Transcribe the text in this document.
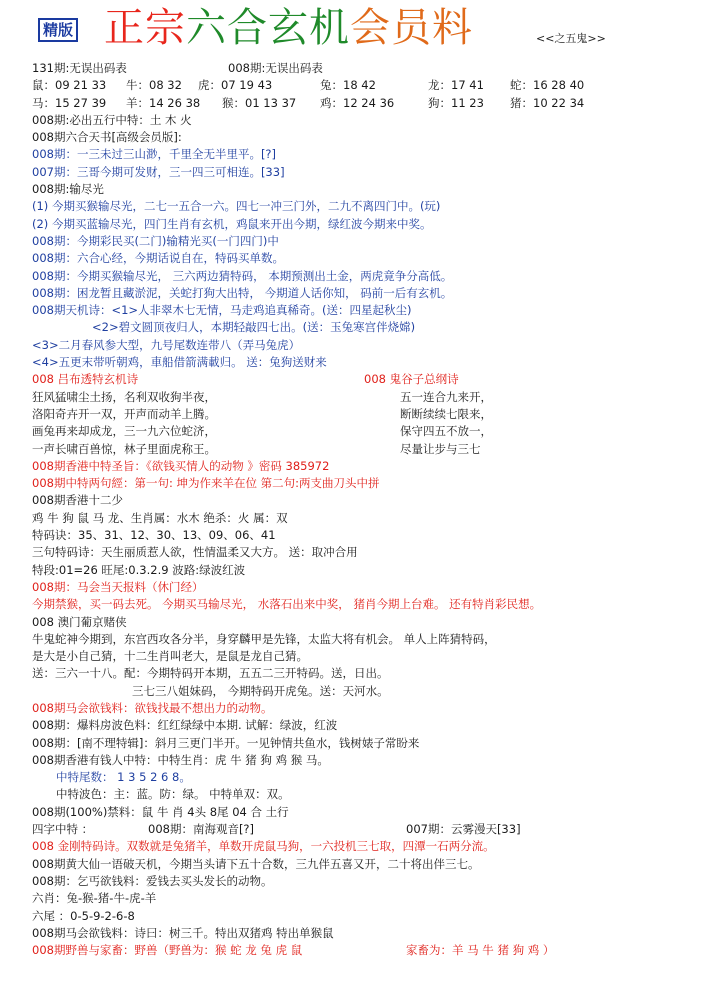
精版 正宗六合玄机会员料	<<之五鬼>>
131期:无误出码表	008期:无误出码表
鼠：09 21 33 牛：08 32 虎：07 19 43	兔：18 42	龙：17 41 蛇：16 28 40
马：15 27 39 羊：14 26 38 猴：01 13 37 鸡：12 24 36	狗：11 23 猪：10 22 34
008期:必出五行中特：土 木 火
008期六合天书[高级会员版]:
008期：一三未过三山渺，千里全无半里平。[?]
007期：三哥今期可发财，三一四三可相连。[33]
008期:输尽光
(1) 今期买猴输尽光，二七一五合一六。四七一冲三门外，二九不离四门中。(玩)
(2) 今期买蓝输尽光，四门生肖有玄机，鸡鼠来开出今期，绿红波今期来中奖。
008期：今期彩民买(二门)输精光买(一门四门)中
008期：六合心经，今期话说自在，特码买单数。
008期：今期买猴输尽光， 三六两边猜特码， 本期预测出土金，两虎竟争分高低。
008期：困龙暂且藏淤泥，关蛇打狗大出特， 今期道人话你知， 码前一后有玄机。
008期天机诗：<1>人非翠木七无情，马走鸡追真稀奇。(送：四星起秋尘)
<2>碧文圆顶夜归人，本期轻敲四七出。(送：玉兔寒宫伴烧嫦)
<3>二月春风参大型，九号尾数连带八（弄马兔虎）
<4>五更末带听朝鸡，車船借箭满載归。 送：兔狗送财来
008 吕布透特玄机诗	008 鬼谷子总纲诗
狂风猛啸尘土扬，名利双收狗半夜，	五一连合九来开，
洛阳奇卉开一双，开声而动羊上腾。	断断续续七限来，
画兔再来却成龙，三一九六位蛇济，	保守四五不放一，
一声长啸百兽惊，林子里面虎称王。	尽量让步与三七
008期香港中特圣旨：《欲钱买情人的动物 》密码 385972
008期中特两句經：第一句: 坤为作来羊在位 第二句:两支曲刀头中拼
008期香港十二少
鸡 牛 狗 鼠 马 龙、生肖属：水木 绝杀：火 属：双
特码诀：35、31、12、30、13、09、06、41
三句特码诗：天生丽质惹人欲，性情温柔又大方。 送：取冲合用
特段:01=26 旺尾:0.3.2.9 波路:绿波红波
008期：马会当天报料（休门经）
今期禁猴，买一码去死。 今期买马输尽光， 水落石出来中奖， 猪肖今期上台难。 还有特肖彩民想。
008 澳门葡京赌侠
牛鬼蛇神今期到，东宫西攻各分半，身穿麟甲是先锋，太监大将有机会。 单人上阵猜特码，
是大是小自己猜，十二生肖叫老大，是鼠是龙自己猜。
送：三六一十八。配：今期特码开本期，五五二三开特码。送，日出。
三七三八姐妹码， 今期特码开虎兔。送：天河水。
008期马会欲钱料：欲钱找最不想出力的动物。
008期：爆料房波色料：红红绿绿中本期. 试解：绿波，红波
008期：[南不理特辑]：斜月三更门半开。一见钟情共鱼水，钱树婊子常盼来
008期香港有钱人中特：中特生肖：虎 牛 猪 狗 鸡 猴 马。
中特尾数： 1 3 5 2 6 8。
中特波色：主：蓝。防：绿。 中特单双：双。
008期(100%)禁料：鼠 牛 肖 4头 8尾 04 合 土行
四字中特 ：	008期：南海观音[?]	007期：云雾漫天[33]
008 金刚特码诗。双数就是兔猪羊，单数开虎鼠马狗，一六投机三七取，四潭一石两分流。
008期黄大仙一语破天机，今期当头请下五十合数，三九伴五喜又开，二十将出伴三七。
008期：乞丐欲钱料：爱钱去买头发长的动物。
六肖：兔-猴-猪-牛-虎-羊
六尾 ：0-5-9-2-6-8
008期马会欲钱料：诗曰：树三千。特出双猪鸡 特出单猴鼠
008期野兽与家畜：野兽（野兽为：猴 蛇 龙 兔 虎 鼠	家畜为：羊 马 牛 猪 狗 鸡 ）
